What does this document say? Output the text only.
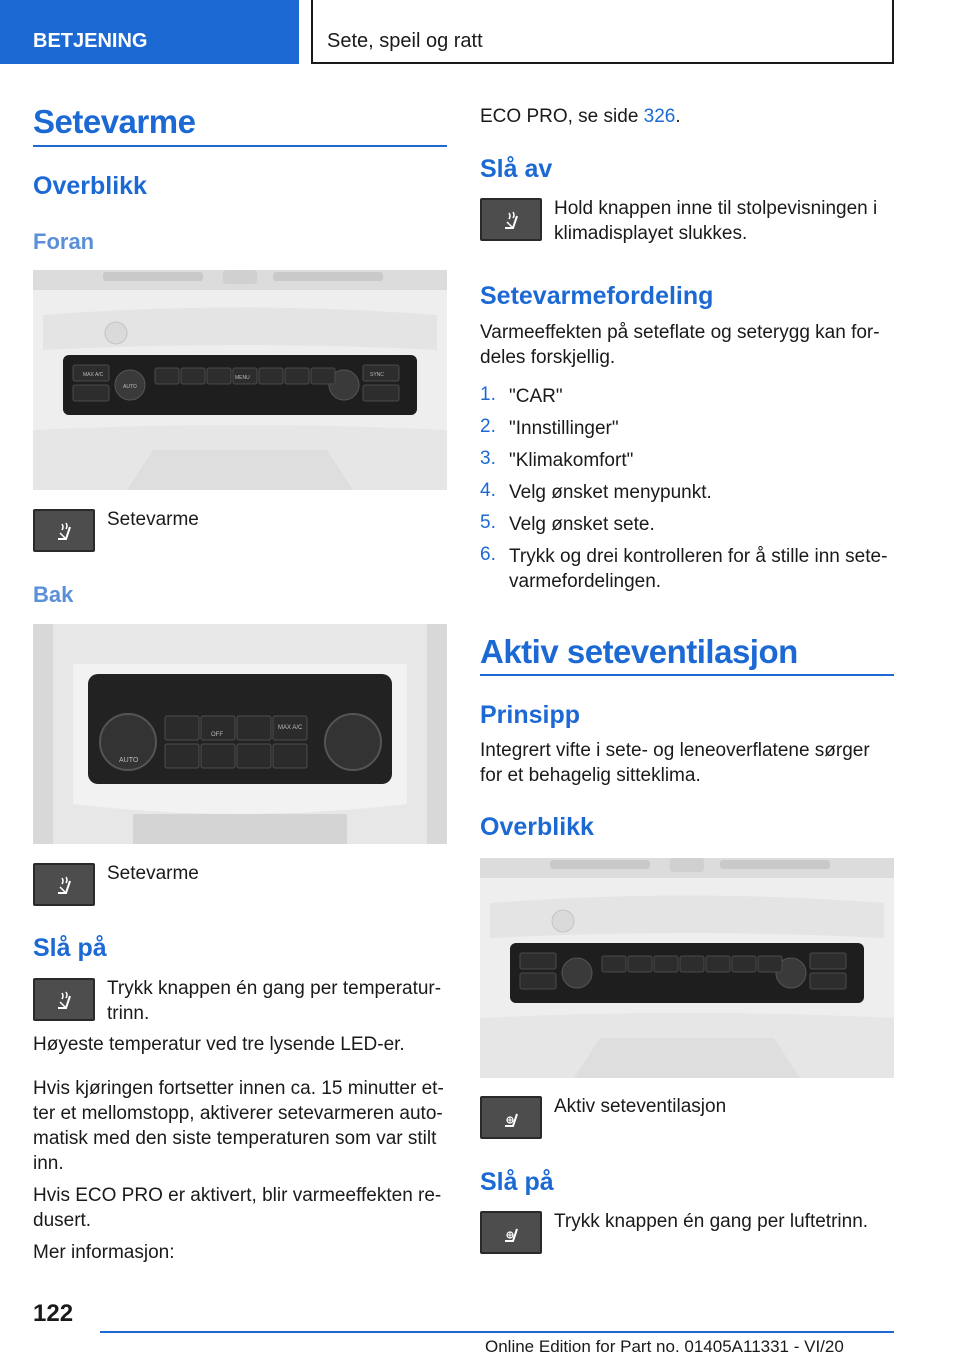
BETJENING	Sete, speil og ratt
Setevarme
Overblikk
Foran
MAX A/C
AUTO
MENU	SYNC
Setevarme
Bak
AUTO
OFF
MAX A/C
Setevarme
Slå på
Trykk knappen én gang per temperatur-trinn.
Høyeste temperatur ved tre lysende LED-er.
Hvis kjøringen fortsetter innen ca. 15 minutter et-ter et mellomstopp, aktiverer setevarmeren auto-matisk med den siste temperaturen som var stilt inn.
Hvis ECO PRO er aktivert, blir varmeeffekten re-dusert.
Mer informasjon:
ECO PRO, se side 326.
Slå av
Hold knappen inne til stolpevisningen i klimadisplayet slukkes.
Setevarmefordeling
Varmeeffekten på seteflate og seterygg kan for-deles forskjellig.
1. "CAR"
2. "Innstillinger"
3. "Klimakomfort"
4. Velg ønsket menypunkt.
5. Velg ønsket sete.
6. Trykk og drei kontrolleren for å stille inn sete-varmefordelingen.
Aktiv seteventilasjon
Prinsipp
Integrert vifte i sete- og leneoverflatene sørger for et behagelig sitteklima.
Overblikk
Aktiv seteventilasjon
Slå på
Trykk knappen én gang per luftetrinn.
122
Online Edition for Part no. 01405A11331 - VI/20
